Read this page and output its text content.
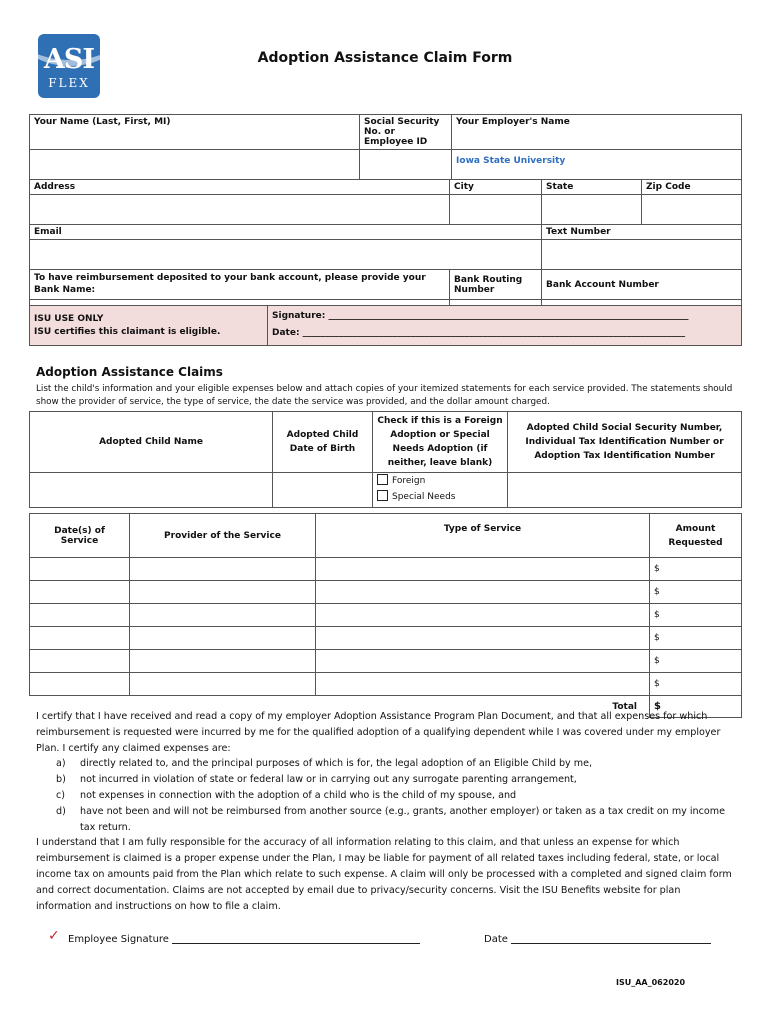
ASI
FLEX
Adoption Assistance Claim Form
Your Name (Last, First, MI)	Social Security No. or Employee ID		Your Employer's Name		
			Iowa State University		
Address		City		State	Zip Code

Email				Text Number	

To have reimbursement deposited to your bank account, please provide your Bank Name:		Bank Routing Number		Bank Account Number	

ISU USE ONLY
ISU certifies this claimant is eligible.

Signature: ________________________________________________________________________________
Date: _____________________________________________________________________________________
Adoption Assistance Claims
List the child's information and your eligible expenses below and attach copies of your itemized statements for each service provided. The statements should show the provider of service, the type of service, the date the service was provided, and the dollar amount charged.
Adopted Child Name	Adopted Child Date of Birth	Check if this is a Foreign Adoption or Special Needs Adoption (if neither, leave blank)	Adopted Child Social Security Number, Individual Tax Identification Number or Adoption Tax Identification Number

		Foreign
Special Needs	

Date(s) of Service	Provider of the Service	Type of Service	Amount Requested
			$
			$
			$
			$
			$
			$
Total			$
I certify that I have received and read a copy of my employer Adoption Assistance Program Plan Document, and that all expenses for which reimbursement is requested were incurred by me for the qualified adoption of a qualifying dependent while I was covered under my employer Plan. I certify any claimed expenses are:
a) directly related to, and the principal purposes of which is for, the legal adoption of an Eligible Child by me,
b) not incurred in violation of state or federal law or in carrying out any surrogate parenting arrangement,
c) not expenses in connection with the adoption of a child who is the child of my spouse, and
d) have not been and will not be reimbursed from another source (e.g., grants, another employer) or taken as a tax credit on my income tax return.
I understand that I am fully responsible for the accuracy of all information relating to this claim, and that unless an expense for which reimbursement is claimed is a proper expense under the Plan, I may be liable for payment of all related taxes including federal, state, or local income tax on amounts paid from the Plan which relate to such expense. A claim will only be processed with a completed and signed claim form and correct documentation. Claims are not accepted by email due to privacy/security concerns. Visit the ISU Benefits website for plan information and instructions on how to file a claim.
✓ Employee Signature	Date
ISU_AA_062020
